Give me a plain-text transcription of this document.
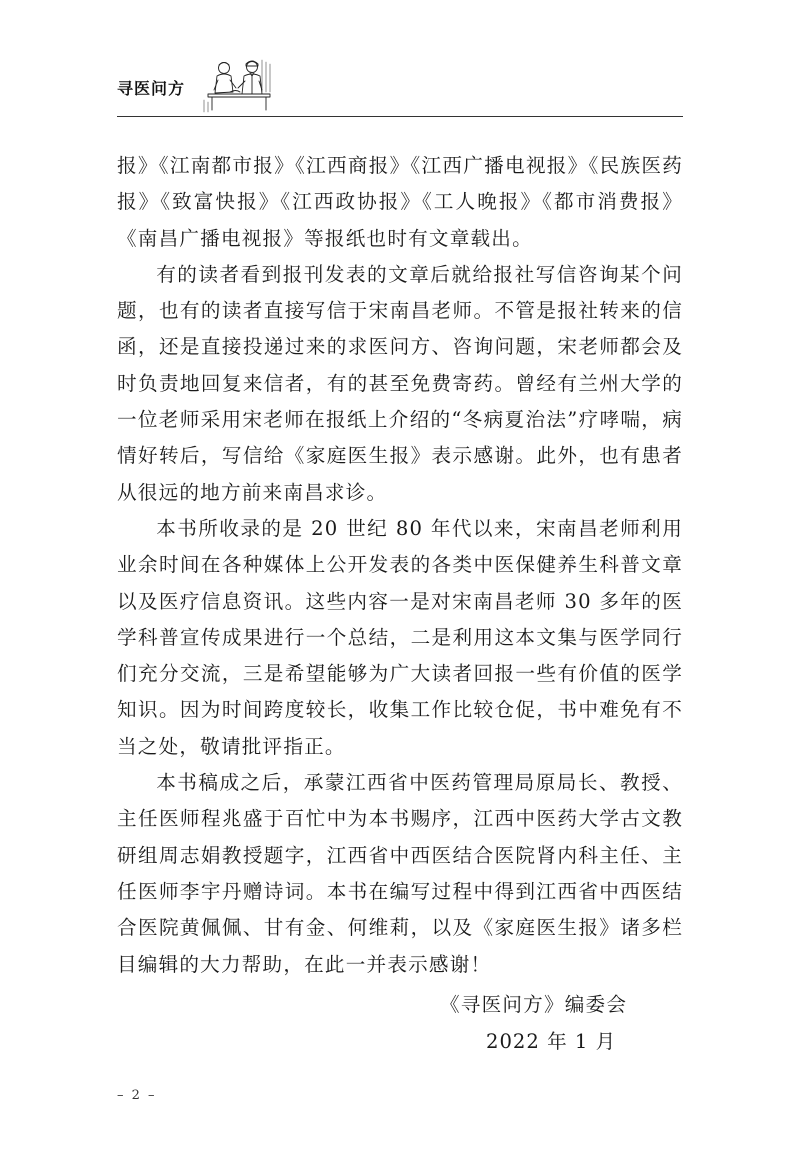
寻医问方

报》《江南都市报》《江西商报》《江西广播电视报》《民族医药报》《致富快报》《江西政协报》《工人晚报》《都市消费报》《南昌广播电视报》等报纸也时有文章载出。

有的读者看到报刊发表的文章后就给报社写信咨询某个问题，也有的读者直接写信于宋南昌老师。不管是报社转来的信函，还是直接投递过来的求医问方、咨询问题，宋老师都会及时负责地回复来信者，有的甚至免费寄药。曾经有兰州大学的一位老师采用宋老师在报纸上介绍的“冬病夏治法”疗哮喘，病情好转后，写信给《家庭医生报》表示感谢。此外，也有患者从很远的地方前来南昌求诊。

本书所收录的是 20 世纪 80 年代以来，宋南昌老师利用业余时间在各种媒体上公开发表的各类中医保健养生科普文章以及医疗信息资讯。这些内容一是对宋南昌老师 30 多年的医学科普宣传成果进行一个总结，二是利用这本文集与医学同行们充分交流，三是希望能够为广大读者回报一些有价值的医学知识。因为时间跨度较长，收集工作比较仓促，书中难免有不当之处，敬请批评指正。

本书稿成之后，承蒙江西省中医药管理局原局长、教授、主任医师程兆盛于百忙中为本书赐序，江西中医药大学古文教研组周志娟教授题字，江西省中西医结合医院肾内科主任、主任医师李宇丹赠诗词。本书在编写过程中得到江西省中西医结合医院黄佩佩、甘有金、何维莉，以及《家庭医生报》诸多栏目编辑的大力帮助，在此一并表示感谢！

《寻医问方》编委会
2022 年 1 月
– 2 –
